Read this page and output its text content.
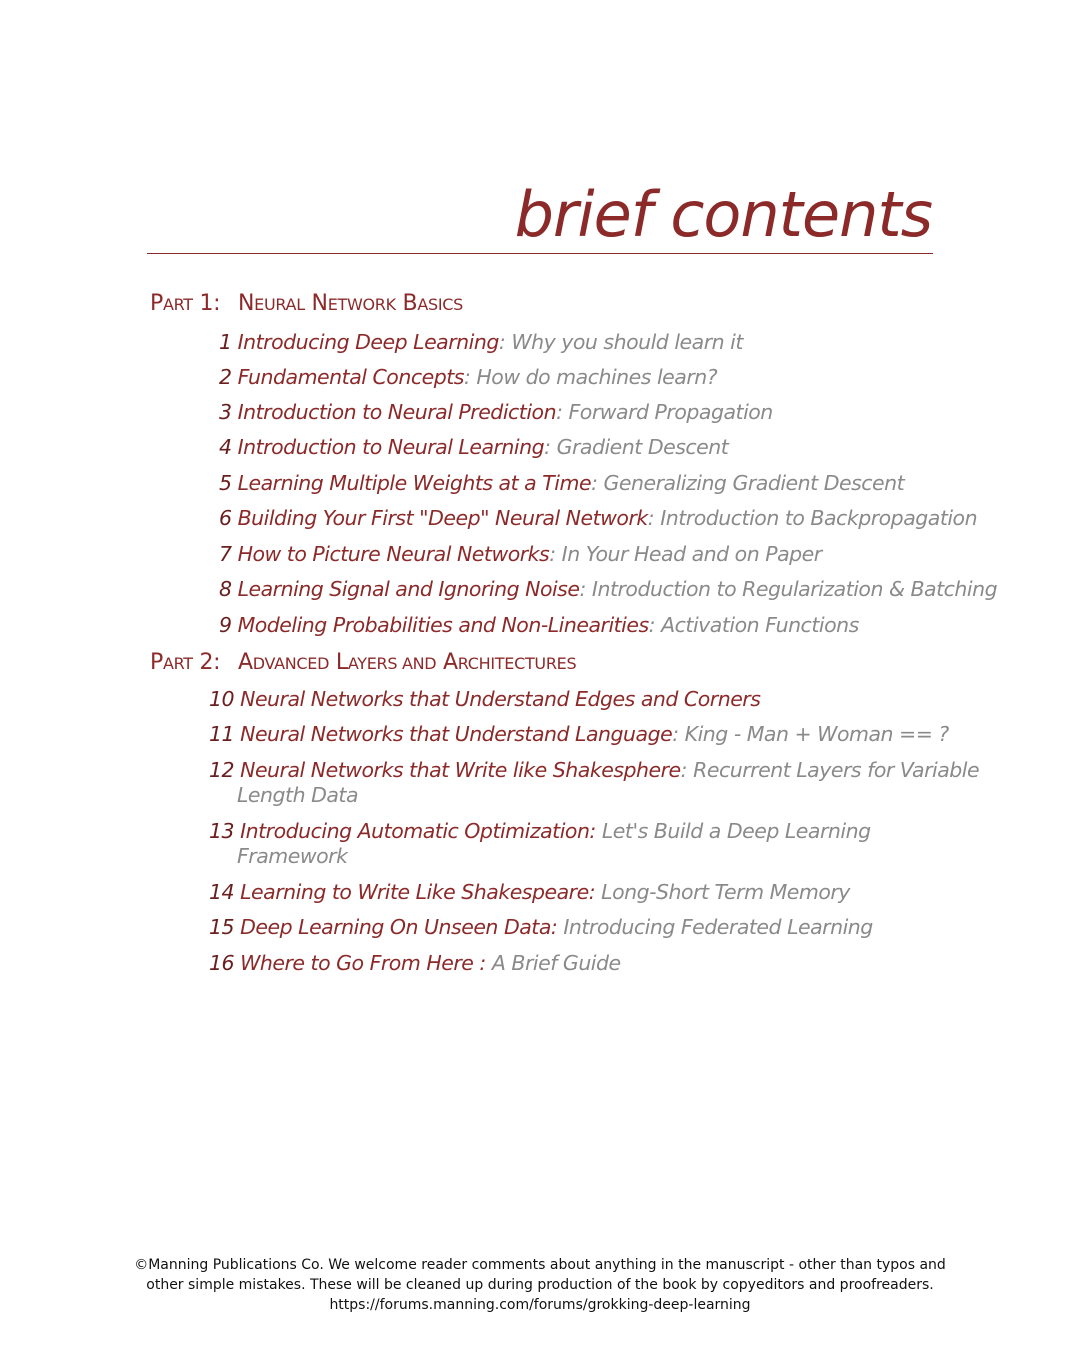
brief contents
PART 1: NEURAL NETWORK BASICS
PART 2: ADVANCED LAYERS AND ARCHITECTURES
1 Introducing Deep Learning: Why you should learn it
2 Fundamental Concepts: How do machines learn?
3 Introduction to Neural Prediction: Forward Propagation
4 Introduction to Neural Learning: Gradient Descent
5 Learning Multiple Weights at a Time: Generalizing Gradient Descent
6 Building Your First "Deep" Neural Network: Introduction to Backpropagation
7 How to Picture Neural Networks: In Your Head and on Paper
8 Learning Signal and Ignoring Noise: Introduction to Regularization & Batching
9 Modeling Probabilities and Non-Linearities: Activation Functions
10 Neural Networks that Understand Edges and Corners
11 Neural Networks that Understand Language: King - Man + Woman == ?
12 Neural Networks that Write like Shakesphere: Recurrent Layers for Variable
Length Data
13 Introducing Automatic Optimization: Let's Build a Deep Learning
Framework
14 Learning to Write Like Shakespeare: Long-Short Term Memory
15 Deep Learning On Unseen Data: Introducing Federated Learning
16 Where to Go From Here : A Brief Guide
©Manning Publications Co. We welcome reader comments about anything in the manuscript - other than typos and
other simple mistakes. These will be cleaned up during production of the book by copyeditors and proofreaders.
https://forums.manning.com/forums/grokking-deep-learning
